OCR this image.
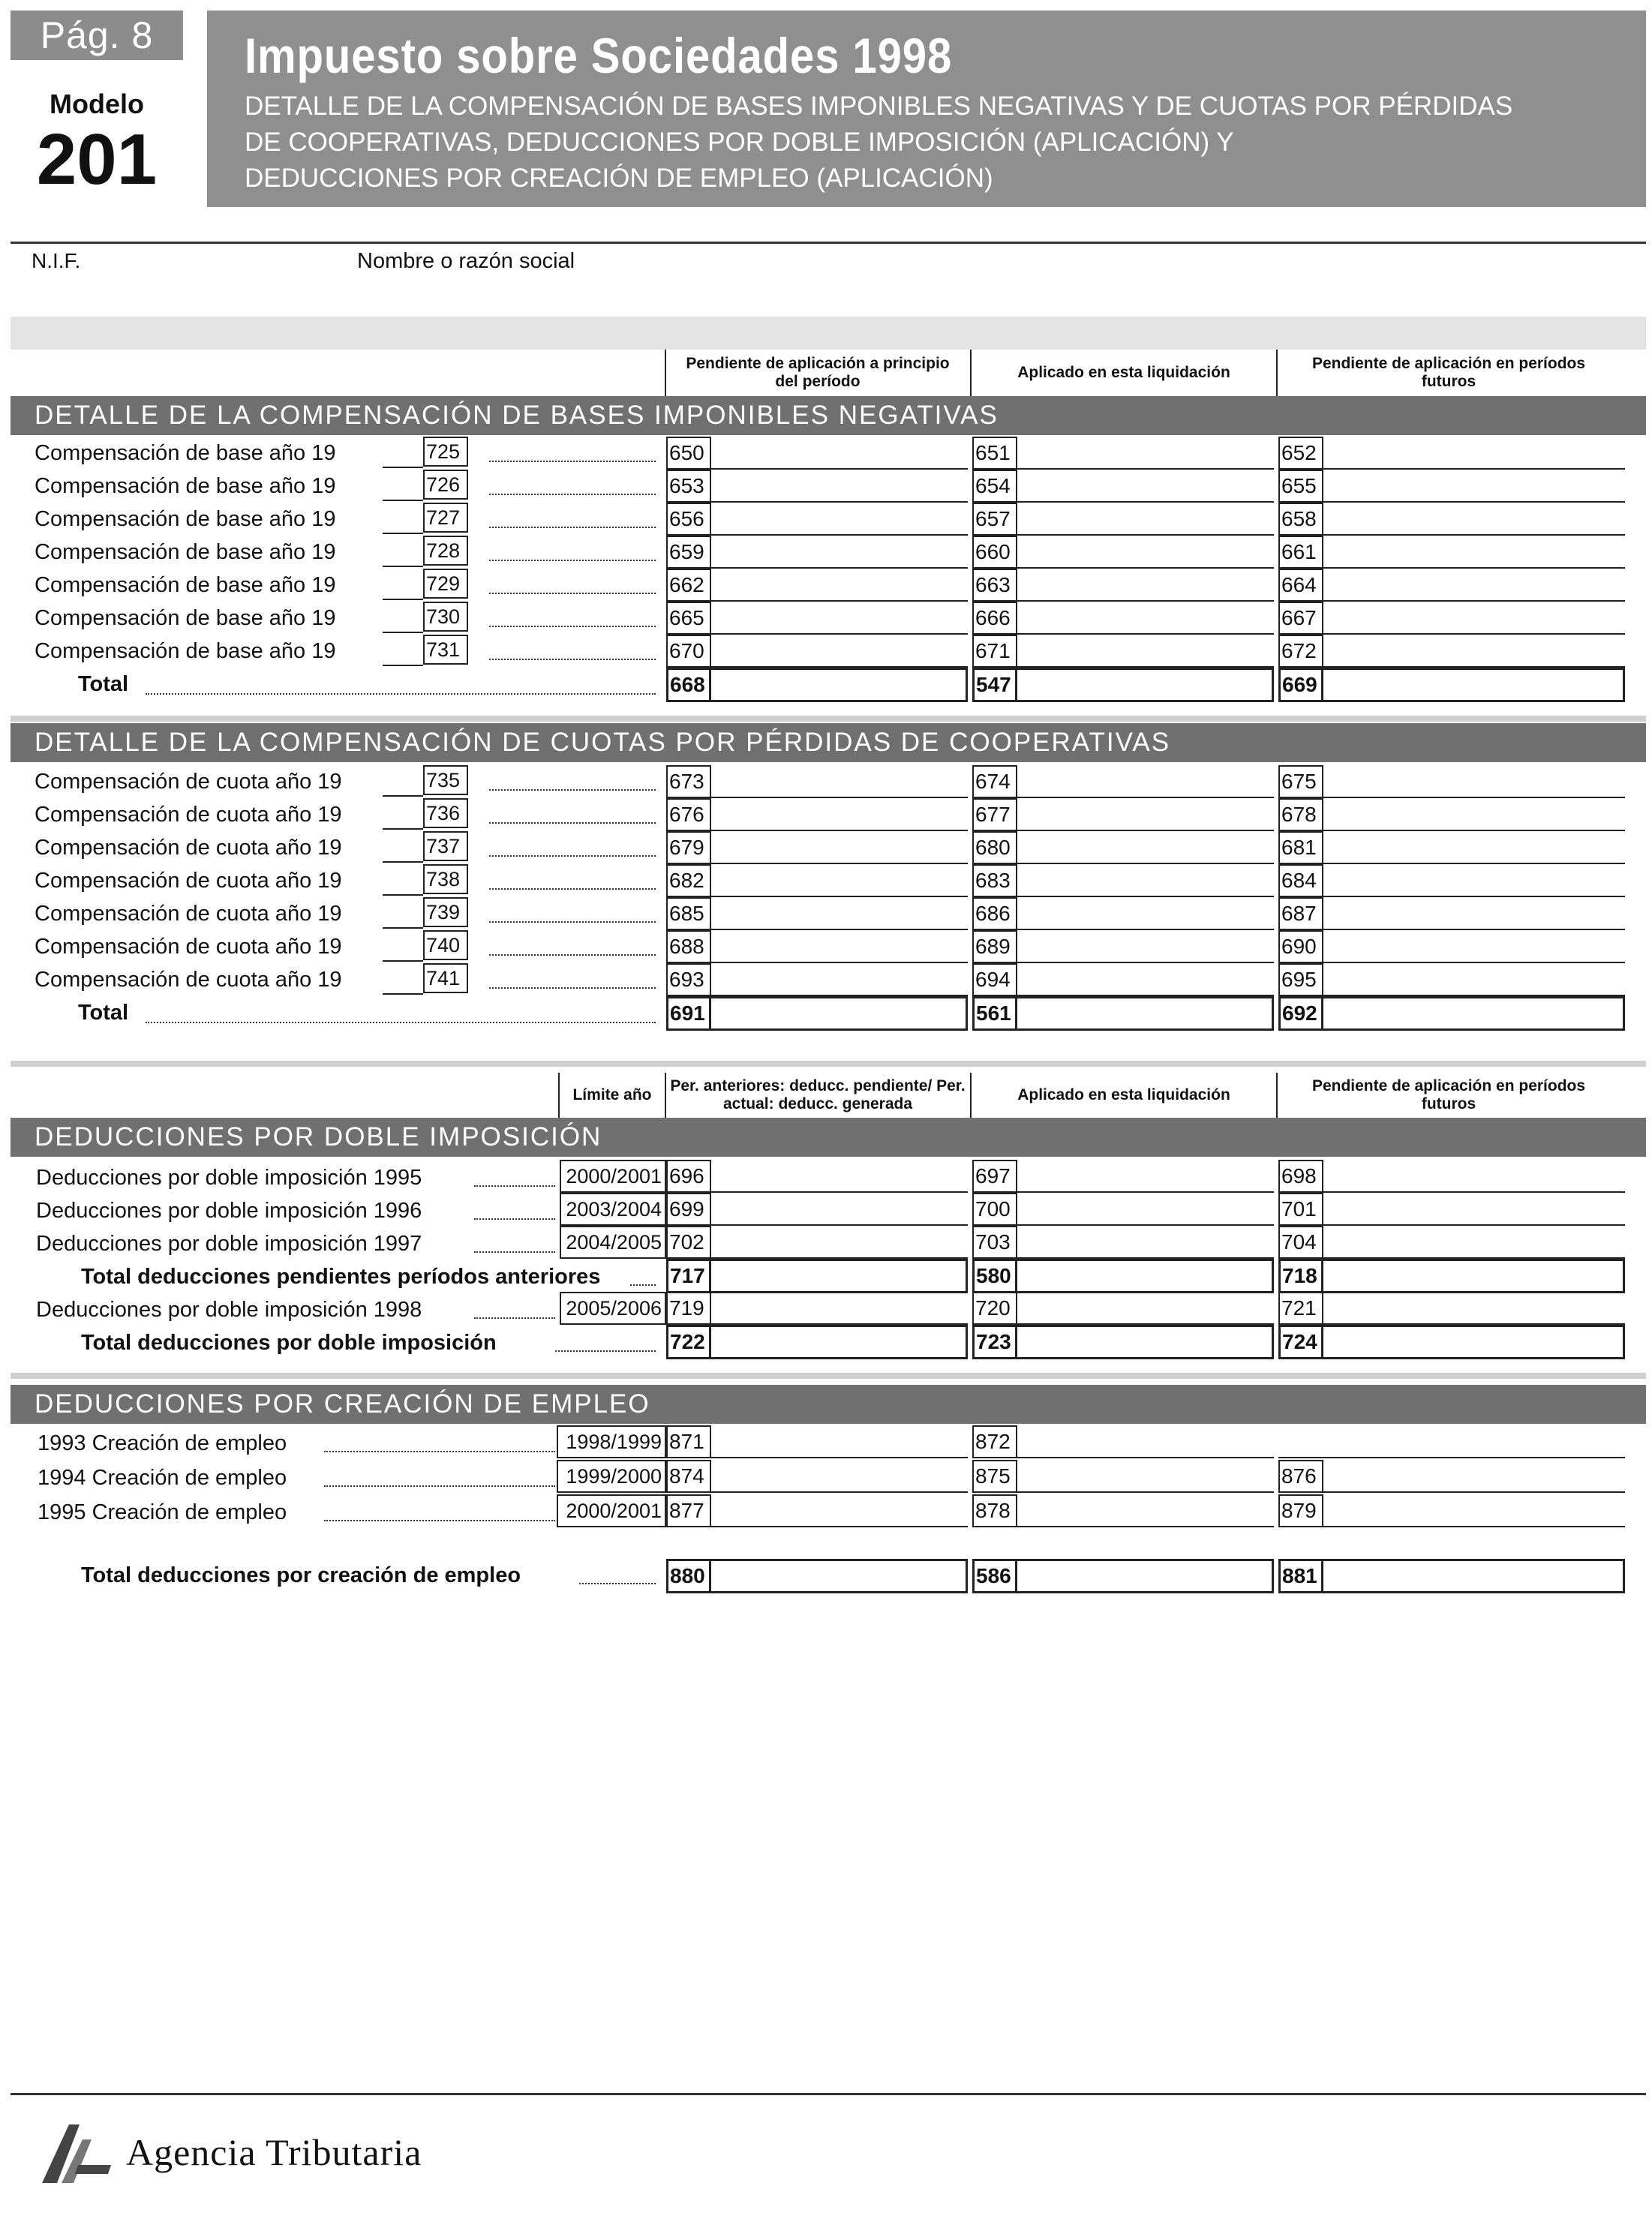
Pág. 8
Modelo
201
Impuesto sobre Sociedades 1998
DETALLE DE LA COMPENSACIÓN DE BASES IMPONIBLES NEGATIVAS Y DE CUOTAS POR PÉRDIDAS
DE COOPERATIVAS, DEDUCCIONES POR DOBLE IMPOSICIÓN (APLICACIÓN) Y
DEDUCCIONES POR CREACIÓN DE EMPLEO (APLICACIÓN)
N.I.F.	Nombre o razón social
Pendiente de aplicación a principio del período
Aplicado en esta liquidación
Pendiente de aplicación en períodos futuros
DETALLE DE LA COMPENSACIÓN DE BASES IMPONIBLES NEGATIVAS
Compensación de base año 19	725	650	651	652
Compensación de base año 19	726	653	654	655
Compensación de base año 19	727	656	657	658
Compensación de base año 19	728	659	660	661
Compensación de base año 19	729	662	663	664
Compensación de base año 19	730	665	666	667
Compensación de base año 19	731	670	671	672
Total	668	547	669
DETALLE DE LA COMPENSACIÓN DE CUOTAS POR PÉRDIDAS DE COOPERATIVAS
Compensación de cuota año 19	735	673	674	675
Compensación de cuota año 19	736	676	677	678
Compensación de cuota año 19	737	679	680	681
Compensación de cuota año 19	738	682	683	684
Compensación de cuota año 19	739	685	686	687
Compensación de cuota año 19	740	688	689	690
Compensación de cuota año 19	741	693	694	695
Total	691	561	692
Límite año
Per. anteriores: deducc. pendiente/ Per. actual: deducc. generada
Aplicado en esta liquidación
Pendiente de aplicación en períodos futuros
DEDUCCIONES POR DOBLE IMPOSICIÓN
Deducciones por doble imposición 1995	2000/2001 696	697	698
Deducciones por doble imposición 1996	2003/2004 699	700	701
Deducciones por doble imposición 1997	2004/2005 702	703	704
Total deducciones pendientes períodos anteriores	717	580	718
Deducciones por doble imposición 1998	2005/2006 719	720	721
Total deducciones por doble imposición	722	723	724
DEDUCCIONES POR CREACIÓN DE EMPLEO
1993 Creación de empleo	1998/1999 871	872
1994 Creación de empleo	1999/2000 874	875	876
1995 Creación de empleo	2000/2001 877	878	879
Total deducciones por creación de empleo	880	586	881
Agencia Tributaria
